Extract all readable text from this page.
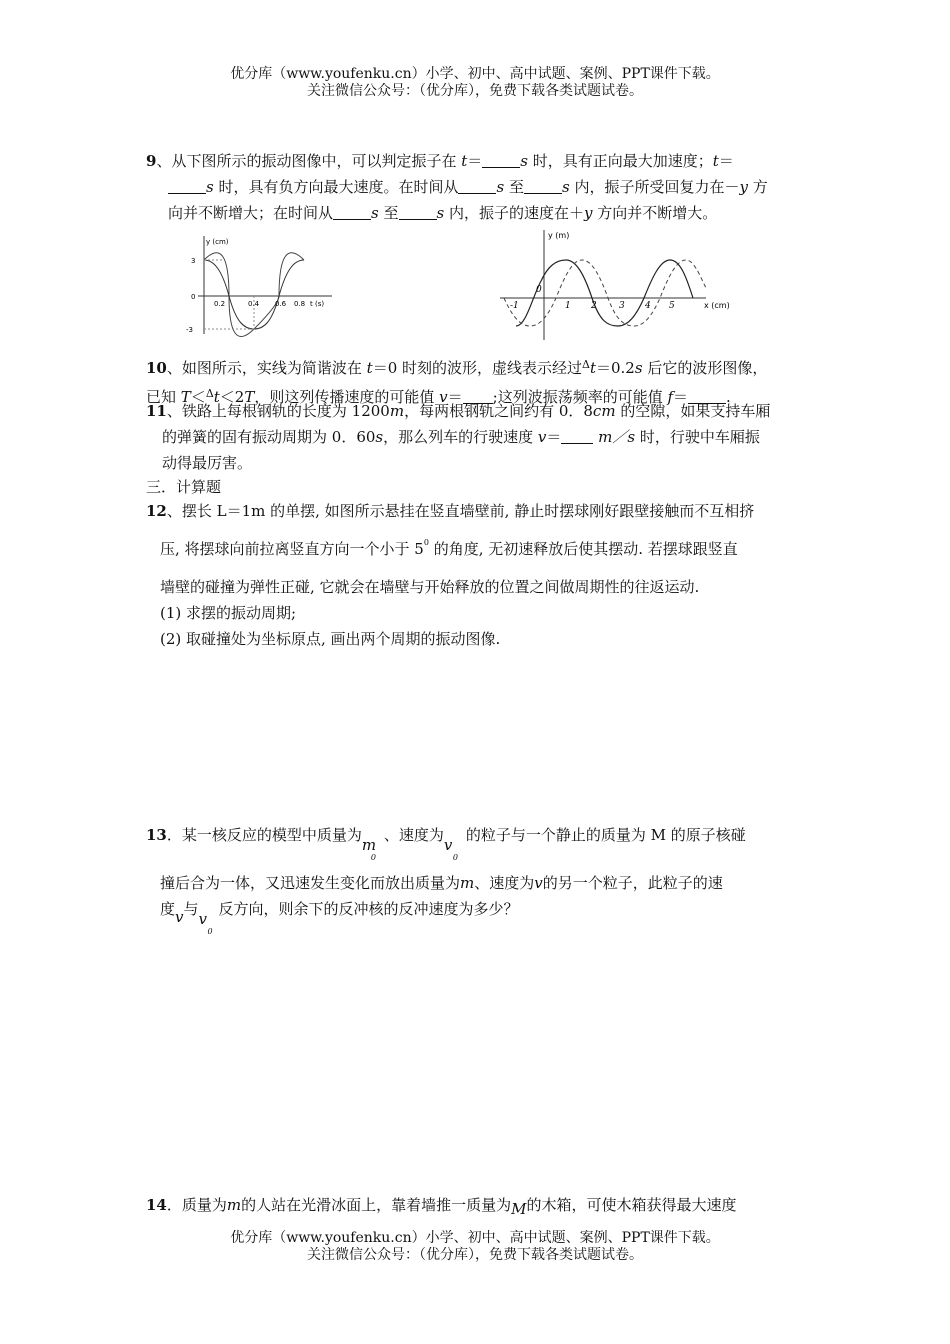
优分库（www.youfenku.cn）小学、初中、高中试题、案例、PPT课件下载。
关注微信公众号：（优分库），免费下载各类试题试卷。
9、从下图所示的振动图像中，可以判定振子在 t＝	s 时，具有正向最大加速度；t＝
s 时，具有负方向最大速度。在时间从	s 至	s 内，振子所受回复力在－y 方
向并不断增大；在时间从	s 至	s 内，振子的速度在＋y 方向并不断增大。
y (cm)
3
0
-3
0.2	0.4 0.6 0.8 t (s)
y (m)
0
-1	1 2 3 4 5	x (cm)
10、如图所示，实线为简谐波在 t＝0 时刻的波形，虚线表示经过$^\Delta$t＝0.2s 后它的波形图像，
已知 T＜$^\Delta$t＜2T，则这列传播速度的可能值 v＝ ;这列波振荡频率的可能值 f＝	.
11、铁路上每根钢轨的长度为 1200m，每两根钢轨之间约有 0．8cm 的空隙，如果支持车厢
的弹簧的固有振动周期为 0．60s，那么列车的行驶速度 v＝ m／s 时，行驶中车厢振
动得最厉害。
三．计算题
12、摆长 L＝1m 的单摆, 如图所示悬挂在竖直墙壁前, 静止时摆球刚好跟壁接触而不互相挤
压, 将摆球向前拉离竖直方向一个小于 $5^0$ 的角度, 无初速释放后使其摆动. 若摆球跟竖直
墙壁的碰撞为弹性正碰, 它就会在墙壁与开始释放的位置之间做周期性的往返运动.
(1) 求摆的振动周期;
(2) 取碰撞处为坐标原点, 画出两个周期的振动图像.
13．某一核反应的模型中质量为m
0
、速度为v
0
的粒子与一个静止的质量为 M 的原子核碰
撞后合为一体，又迅速发生变化而放出质量为m、速度为v的另一个粒子，此粒子的速
度v与v
0
反方向，则余下的反冲核的反冲速度为多少？
14．质量为m的人站在光滑冰面上，靠着墙推一质量为M的木箱，可使木箱获得最大速度
优分库（www.youfenku.cn）小学、初中、高中试题、案例、PPT课件下载。
关注微信公众号：（优分库），免费下载各类试题试卷。
